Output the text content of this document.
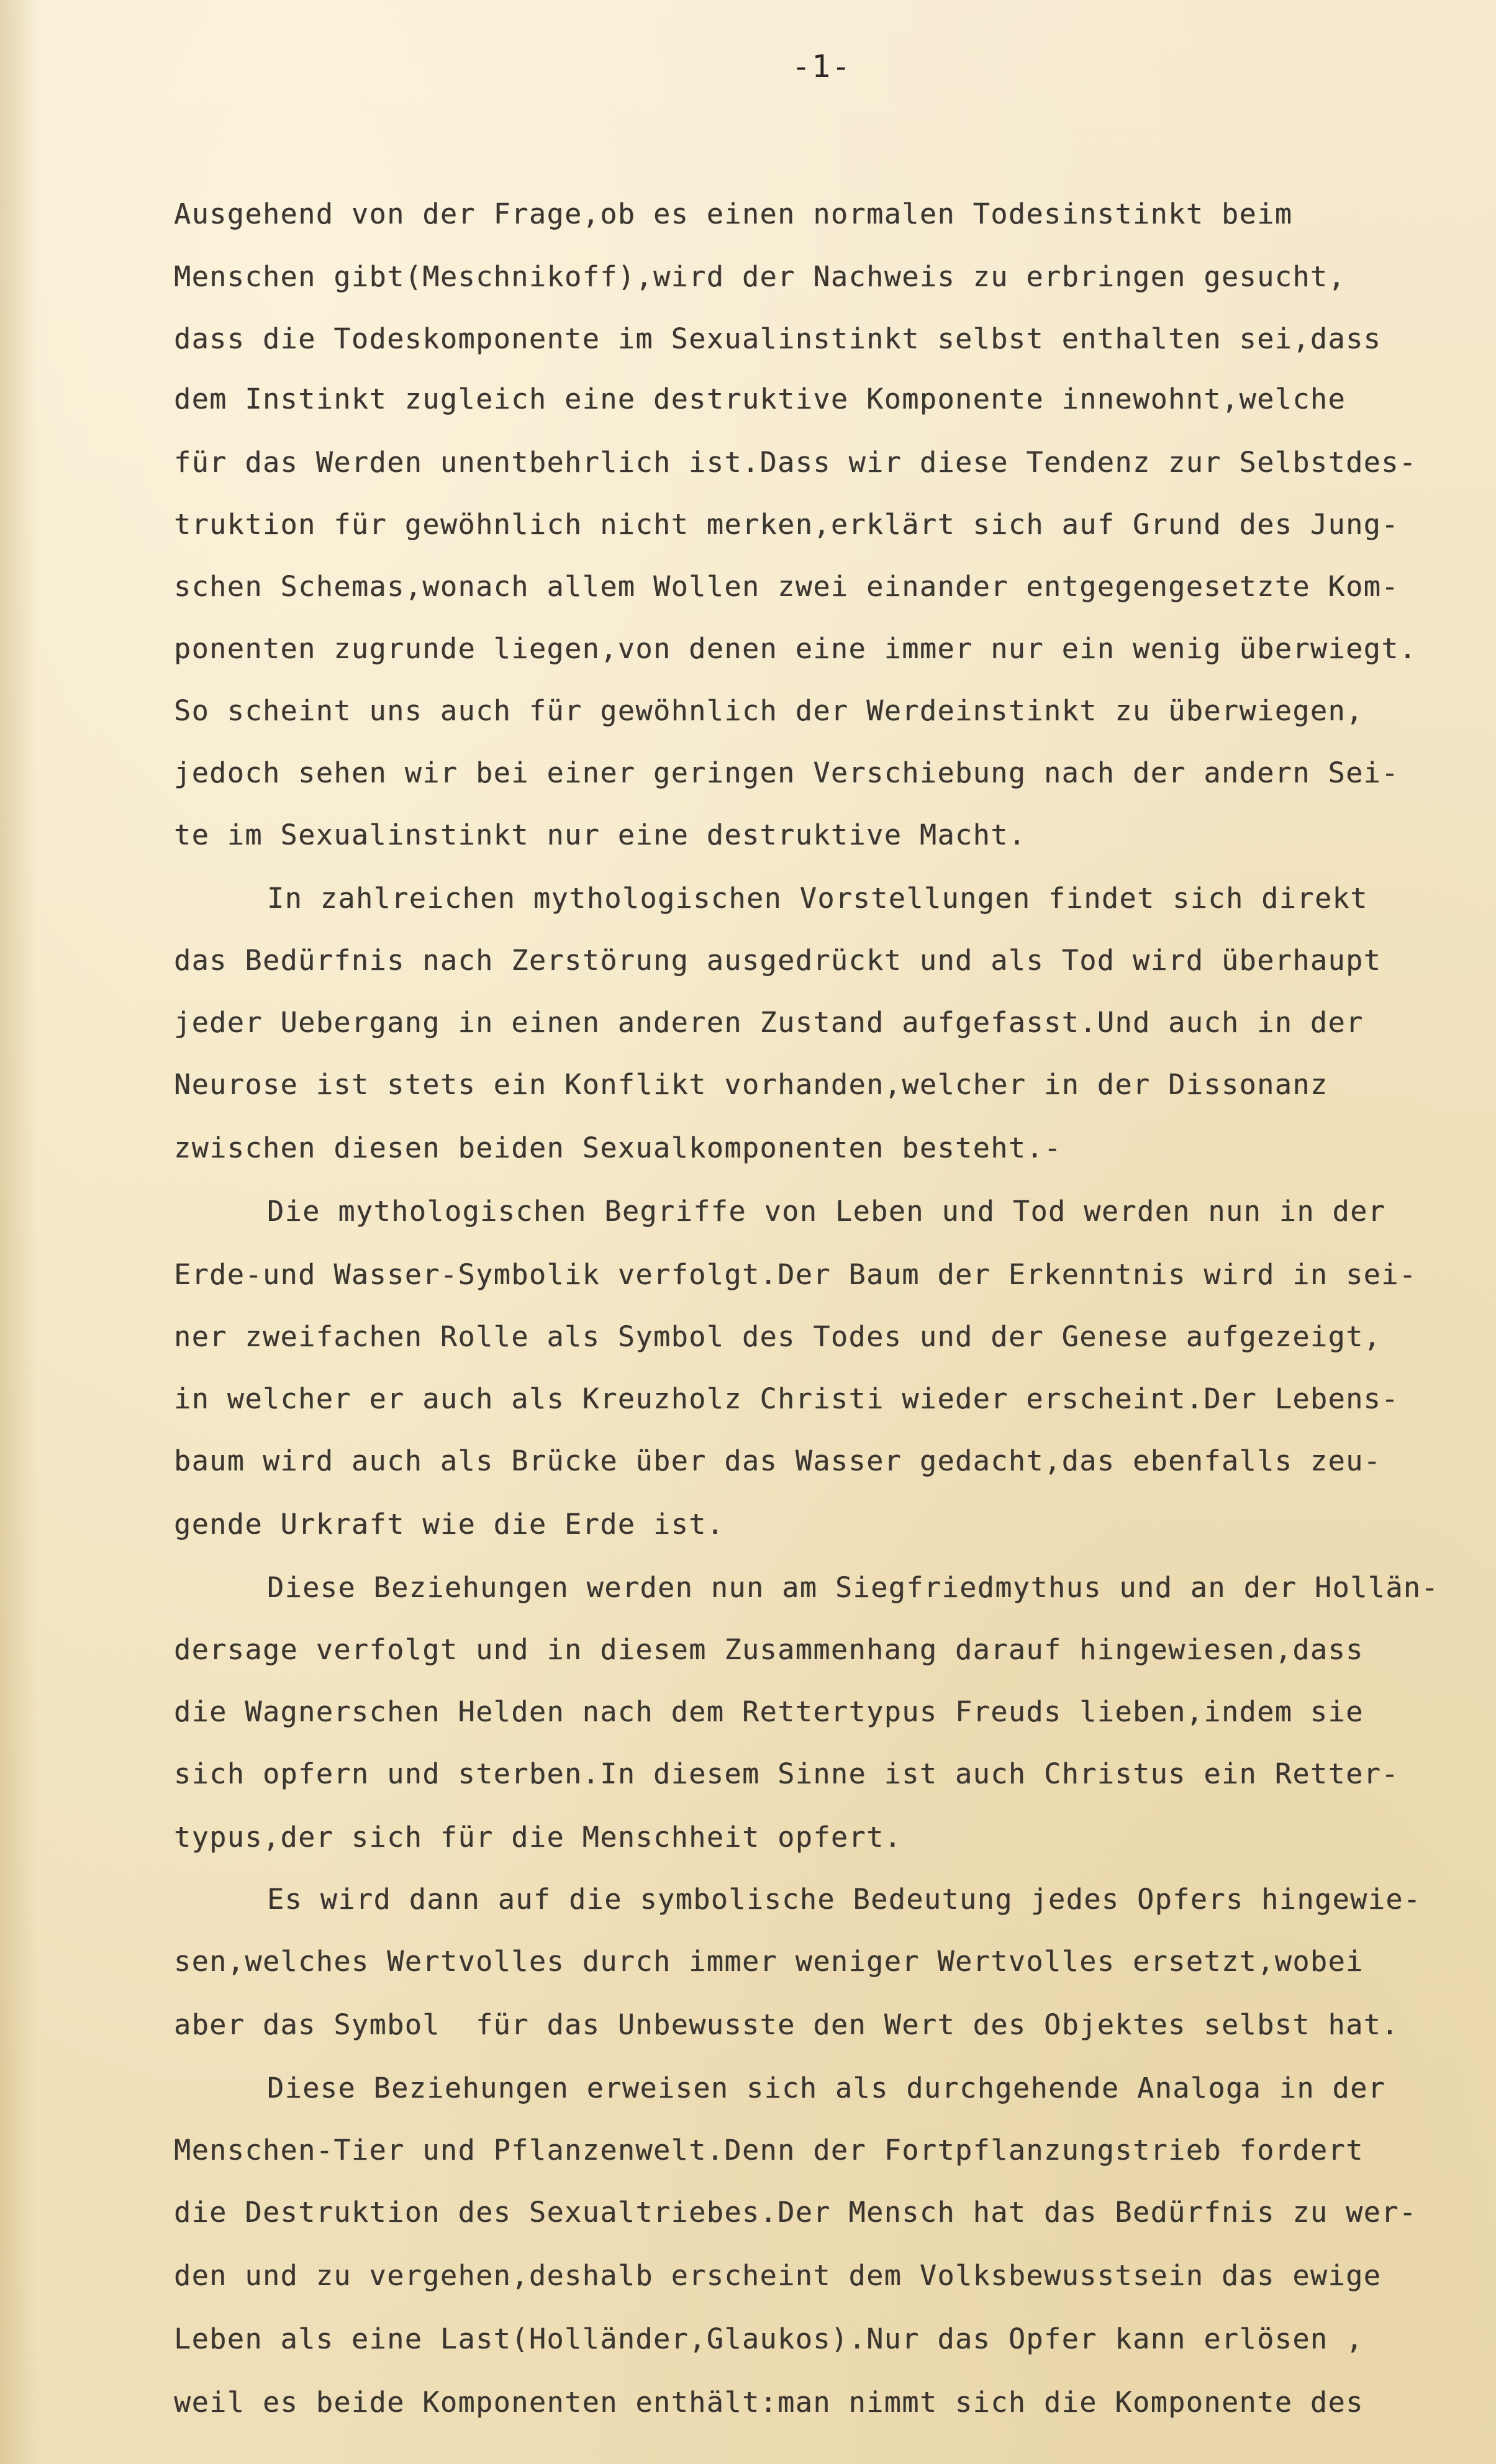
-1-
Ausgehend von der Frage,ob es einen normalen Todesinstinkt beim
Menschen gibt(Meschnikoff),wird der Nachweis zu erbringen gesucht,
dass die Todeskomponente im Sexualinstinkt selbst enthalten sei,dass
dem Instinkt zugleich eine destruktive Komponente innewohnt,welche
für das Werden unentbehrlich ist.Dass wir diese Tendenz zur Selbstdes-
truktion für gewöhnlich nicht merken,erklärt sich auf Grund des Jung-
schen Schemas,wonach allem Wollen zwei einander entgegengesetzte Kom-
ponenten zugrunde liegen,von denen eine immer nur ein wenig überwiegt.
So scheint uns auch für gewöhnlich der Werdeinstinkt zu überwiegen,
jedoch sehen wir bei einer geringen Verschiebung nach der andern Sei-
te im Sexualinstinkt nur eine destruktive Macht.
In zahlreichen mythologischen Vorstellungen findet sich direkt
das Bedürfnis nach Zerstörung ausgedrückt und als Tod wird überhaupt
jeder Uebergang in einen anderen Zustand aufgefasst.Und auch in der
Neurose ist stets ein Konflikt vorhanden,welcher in der Dissonanz
zwischen diesen beiden Sexualkomponenten besteht.-
Die mythologischen Begriffe von Leben und Tod werden nun in der
Erde-und Wasser-Symbolik verfolgt.Der Baum der Erkenntnis wird in sei-
ner zweifachen Rolle als Symbol des Todes und der Genese aufgezeigt,
in welcher er auch als Kreuzholz Christi wieder erscheint.Der Lebens-
baum wird auch als Brücke über das Wasser gedacht,das ebenfalls zeu-
gende Urkraft wie die Erde ist.
Diese Beziehungen werden nun am Siegfriedmythus und an der Hollän-
dersage verfolgt und in diesem Zusammenhang darauf hingewiesen,dass
die Wagnerschen Helden nach dem Rettertypus Freuds lieben,indem sie
sich opfern und sterben.In diesem Sinne ist auch Christus ein Retter-
typus,der sich für die Menschheit opfert.
Es wird dann auf die symbolische Bedeutung jedes Opfers hingewie-
sen,welches Wertvolles durch immer weniger Wertvolles ersetzt,wobei
aber das Symbol  für das Unbewusste den Wert des Objektes selbst hat.
Diese Beziehungen erweisen sich als durchgehende Analoga in der
Menschen-Tier und Pflanzenwelt.Denn der Fortpflanzungstrieb fordert
die Destruktion des Sexualtriebes.Der Mensch hat das Bedürfnis zu wer-
den und zu vergehen,deshalb erscheint dem Volksbewusstsein das ewige
Leben als eine Last(Holländer,Glaukos).Nur das Opfer kann erlösen ,
weil es beide Komponenten enthält:man nimmt sich die Komponente des
